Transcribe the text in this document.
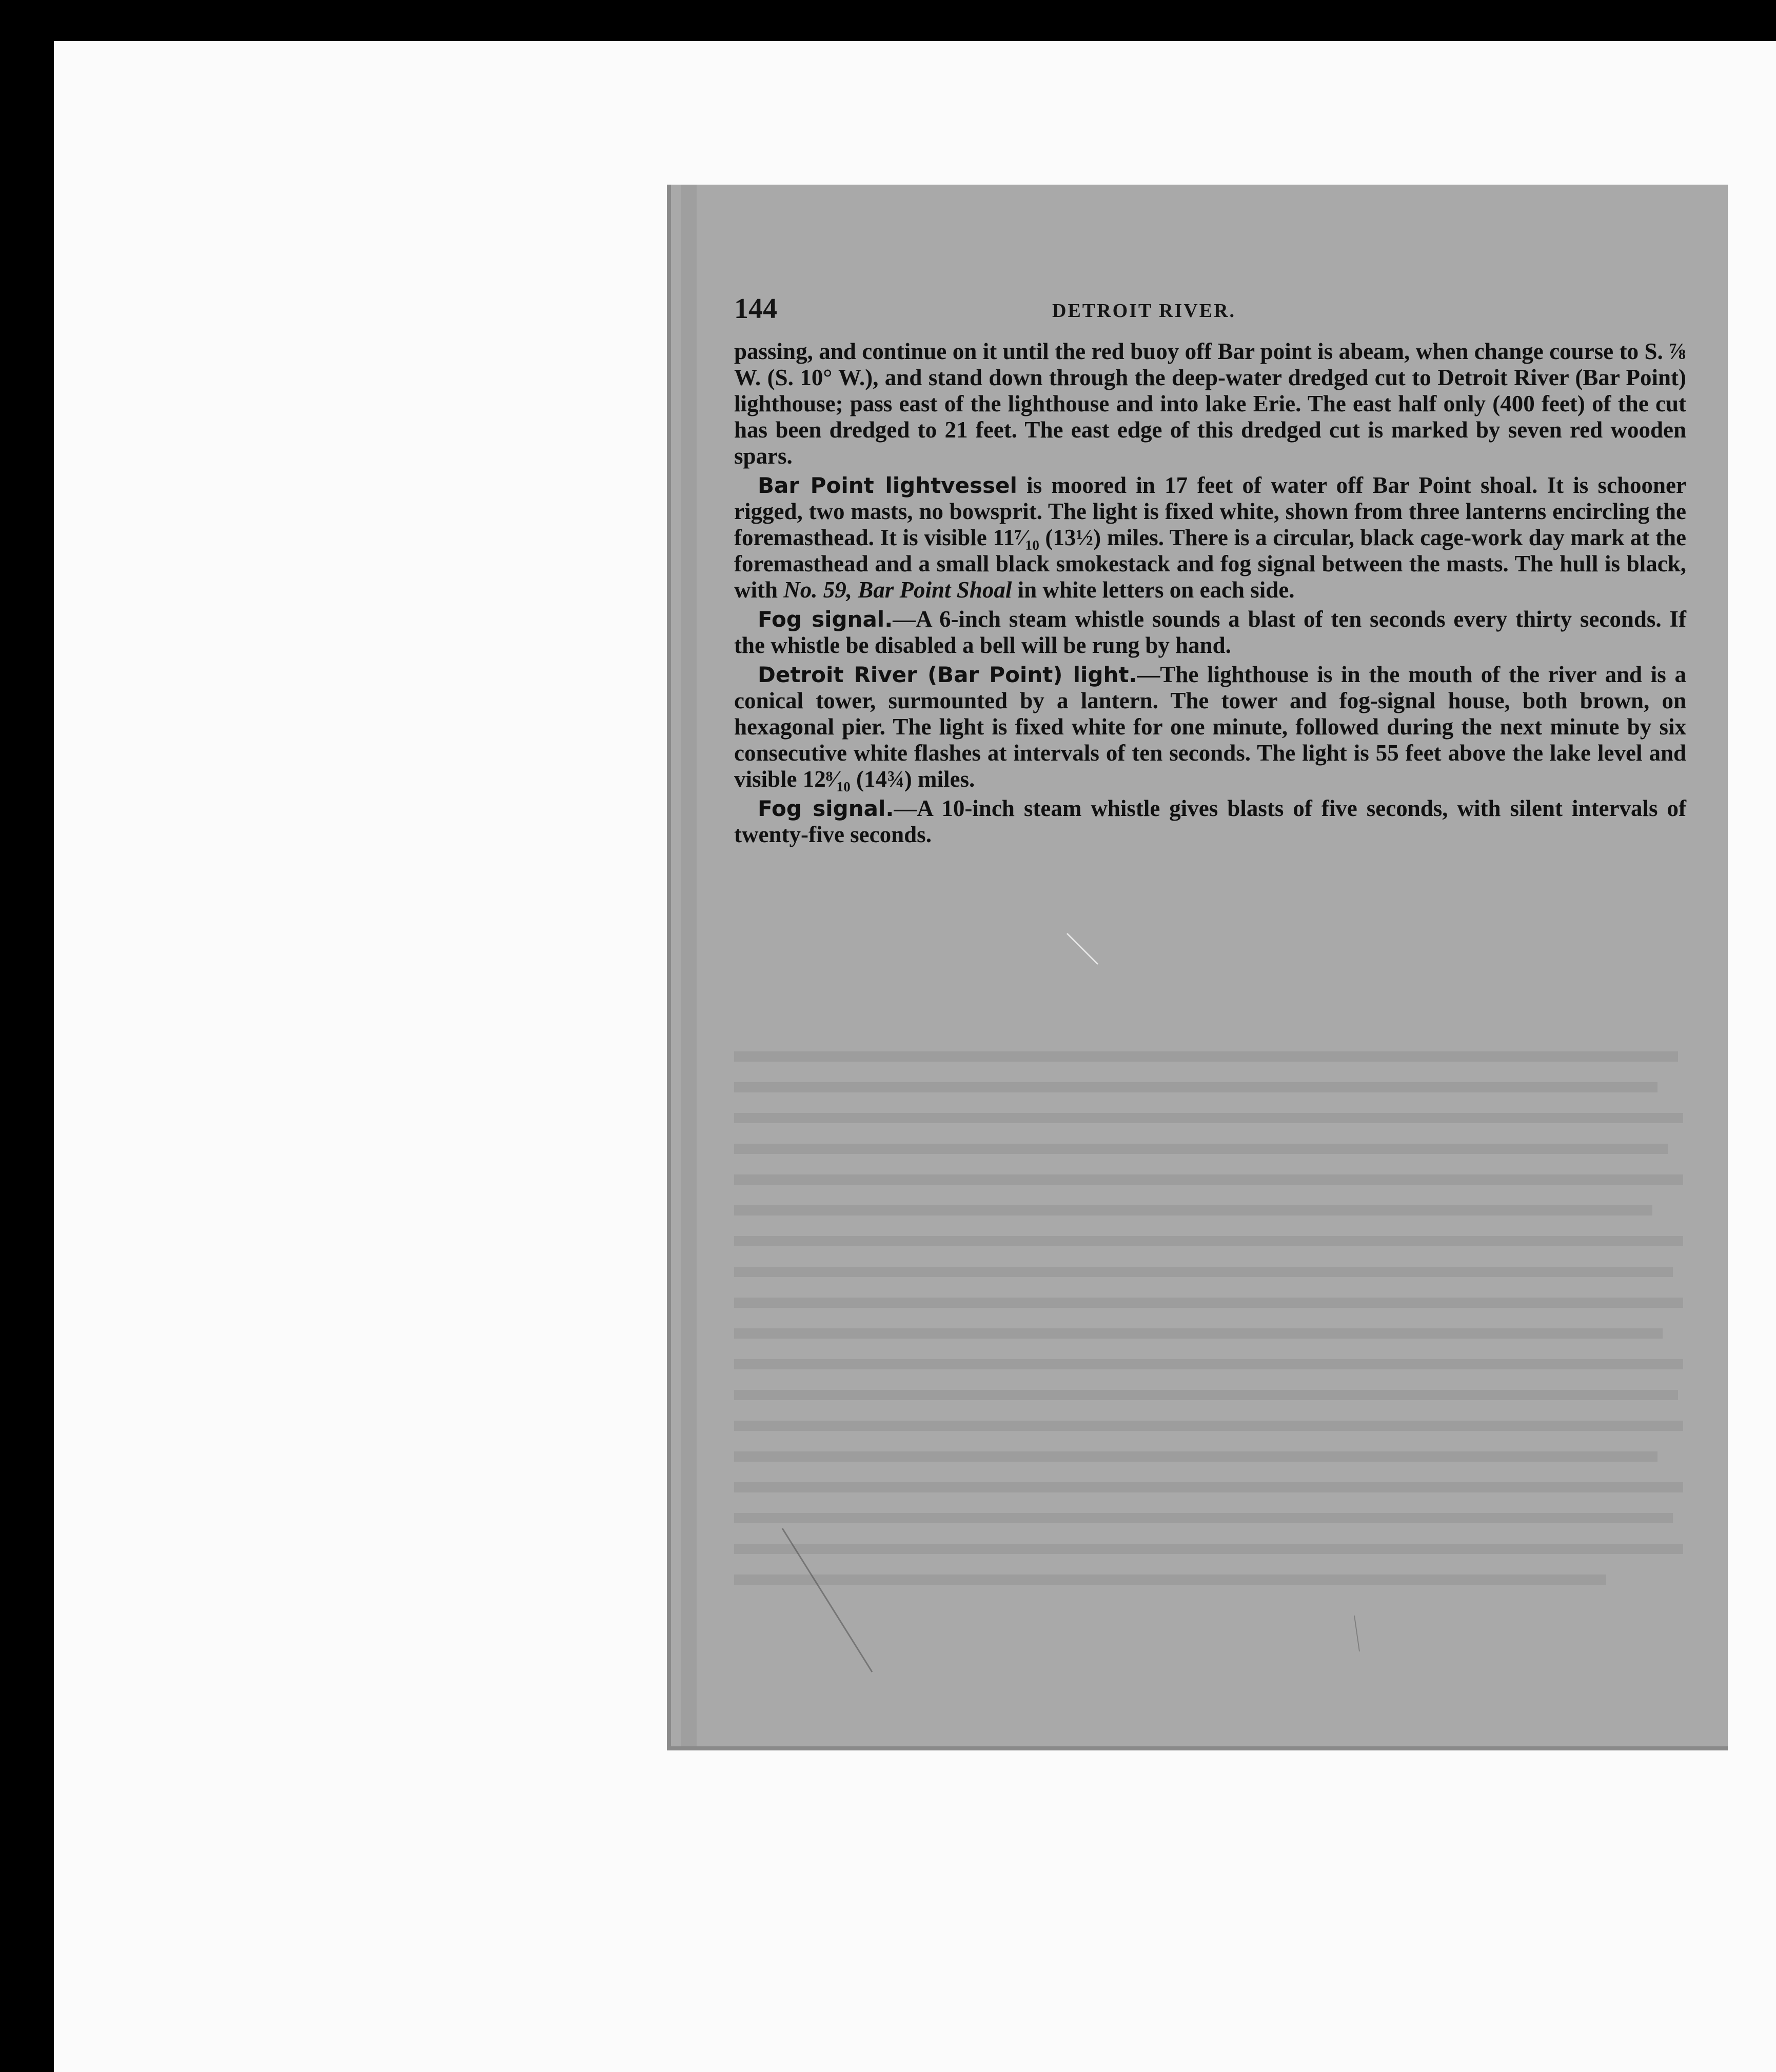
144	DETROIT RIVER.

passing, and continue on it until the red buoy off Bar point is abeam, when change course to S. ⅞ W. (S. 10° W.), and stand down through the deep-water dredged cut to Detroit River (Bar Point) lighthouse; pass east of the lighthouse and into lake Erie. The east half only (400 feet) of the cut has been dredged to 21 feet. The east edge of this dredged cut is marked by seven red wooden spars.

Bar Point lightvessel is moored in 17 feet of water off Bar Point shoal. It is schooner rigged, two masts, no bowsprit. The light is fixed white, shown from three lanterns encircling the foremasthead. It is visible 11⁷⁄₁₀ (13½) miles. There is a circular, black cage-work day mark at the foremasthead and a small black smokestack and fog signal between the masts. The hull is black, with No. 59, Bar Point Shoal in white letters on each side.

Fog signal.—A 6-inch steam whistle sounds a blast of ten seconds every thirty seconds. If the whistle be disabled a bell will be rung by hand.

Detroit River (Bar Point) light.—The lighthouse is in the mouth of the river and is a conical tower, surmounted by a lantern. The tower and fog-signal house, both brown, on hexagonal pier. The light is fixed white for one minute, followed during the next minute by six consecutive white flashes at intervals of ten seconds. The light is 55 feet above the lake level and visible 12⁸⁄₁₀ (14¾) miles.

Fog signal.—A 10-inch steam whistle gives blasts of five seconds, with silent intervals of twenty-five seconds.
